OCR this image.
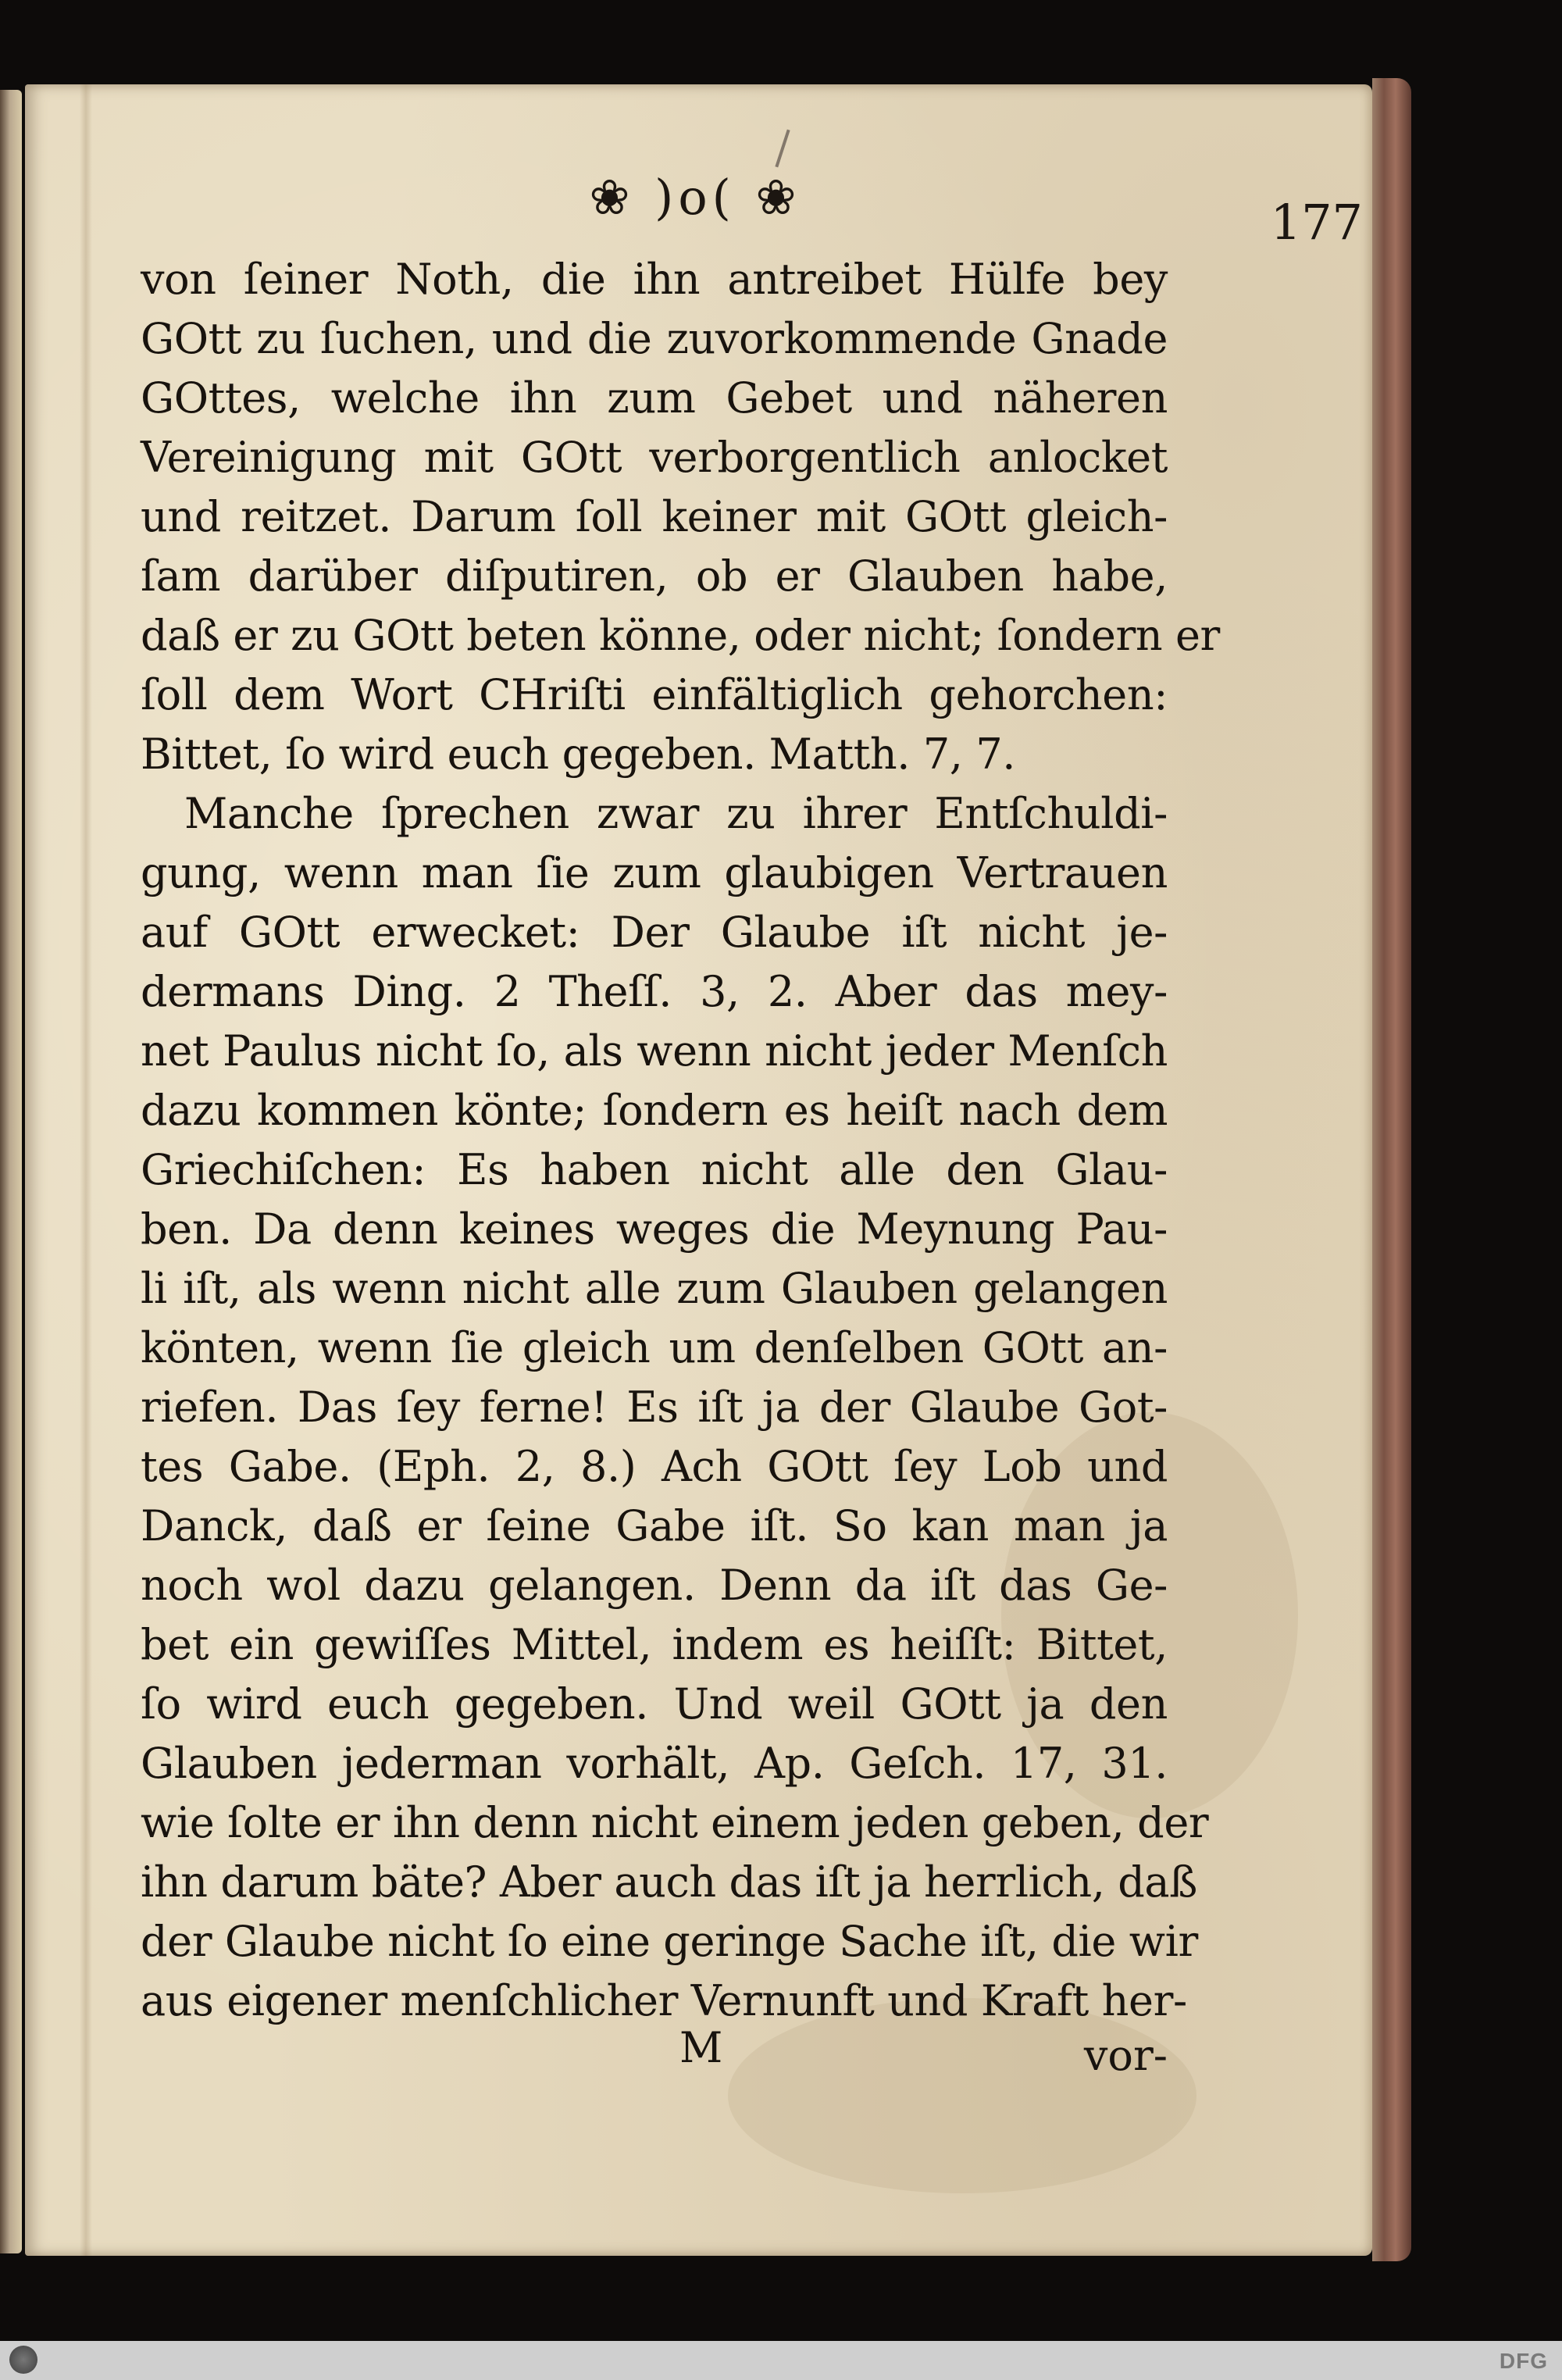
❀ )o( ❀	177
von ſeiner Noth, die ihn antreibet Hülfe bey
GOtt zu ſuchen, und die zuvorkommende Gnade
GOttes, welche ihn zum Gebet und näheren
Vereinigung mit GOtt verborgentlich anlocket
und reitzet. Darum ſoll keiner mit GOtt gleich-
ſam darüber diſputiren, ob er Glauben habe,
daß er zu GOtt beten könne, oder nicht; ſondern er
ſoll dem Wort CHriſti einfältiglich gehorchen:
Bittet, ſo wird euch gegeben. Matth. 7, 7.
Manche ſprechen zwar zu ihrer Entſchuldi-
gung, wenn man ſie zum glaubigen Vertrauen
auf GOtt erwecket: Der Glaube iſt nicht je-
dermans Ding. 2 Theſſ. 3, 2. Aber das mey-
net Paulus nicht ſo, als wenn nicht jeder Menſch
dazu kommen könte; ſondern es heiſt nach dem
Griechiſchen: Es haben nicht alle den Glau-
ben. Da denn keines weges die Meynung Pau-
li iſt, als wenn nicht alle zum Glauben gelangen
könten, wenn ſie gleich um denſelben GOtt an-
riefen. Das ſey ferne! Es iſt ja der Glaube Got-
tes Gabe. (Eph. 2, 8.) Ach GOtt ſey Lob und
Danck, daß er ſeine Gabe iſt. So kan man ja
noch wol dazu gelangen. Denn da iſt das Ge-
bet ein gewiſſes Mittel, indem es heiſſt: Bittet,
ſo wird euch gegeben. Und weil GOtt ja den
Glauben jederman vorhält, Ap. Geſch. 17, 31.
wie ſolte er ihn denn nicht einem jeden geben, der
ihn darum bäte? Aber auch das iſt ja herrlich, daß
der Glaube nicht ſo eine geringe Sache iſt, die wir
aus eigener menſchlicher Vernunft und Kraft her-
M	vor-
DFG
